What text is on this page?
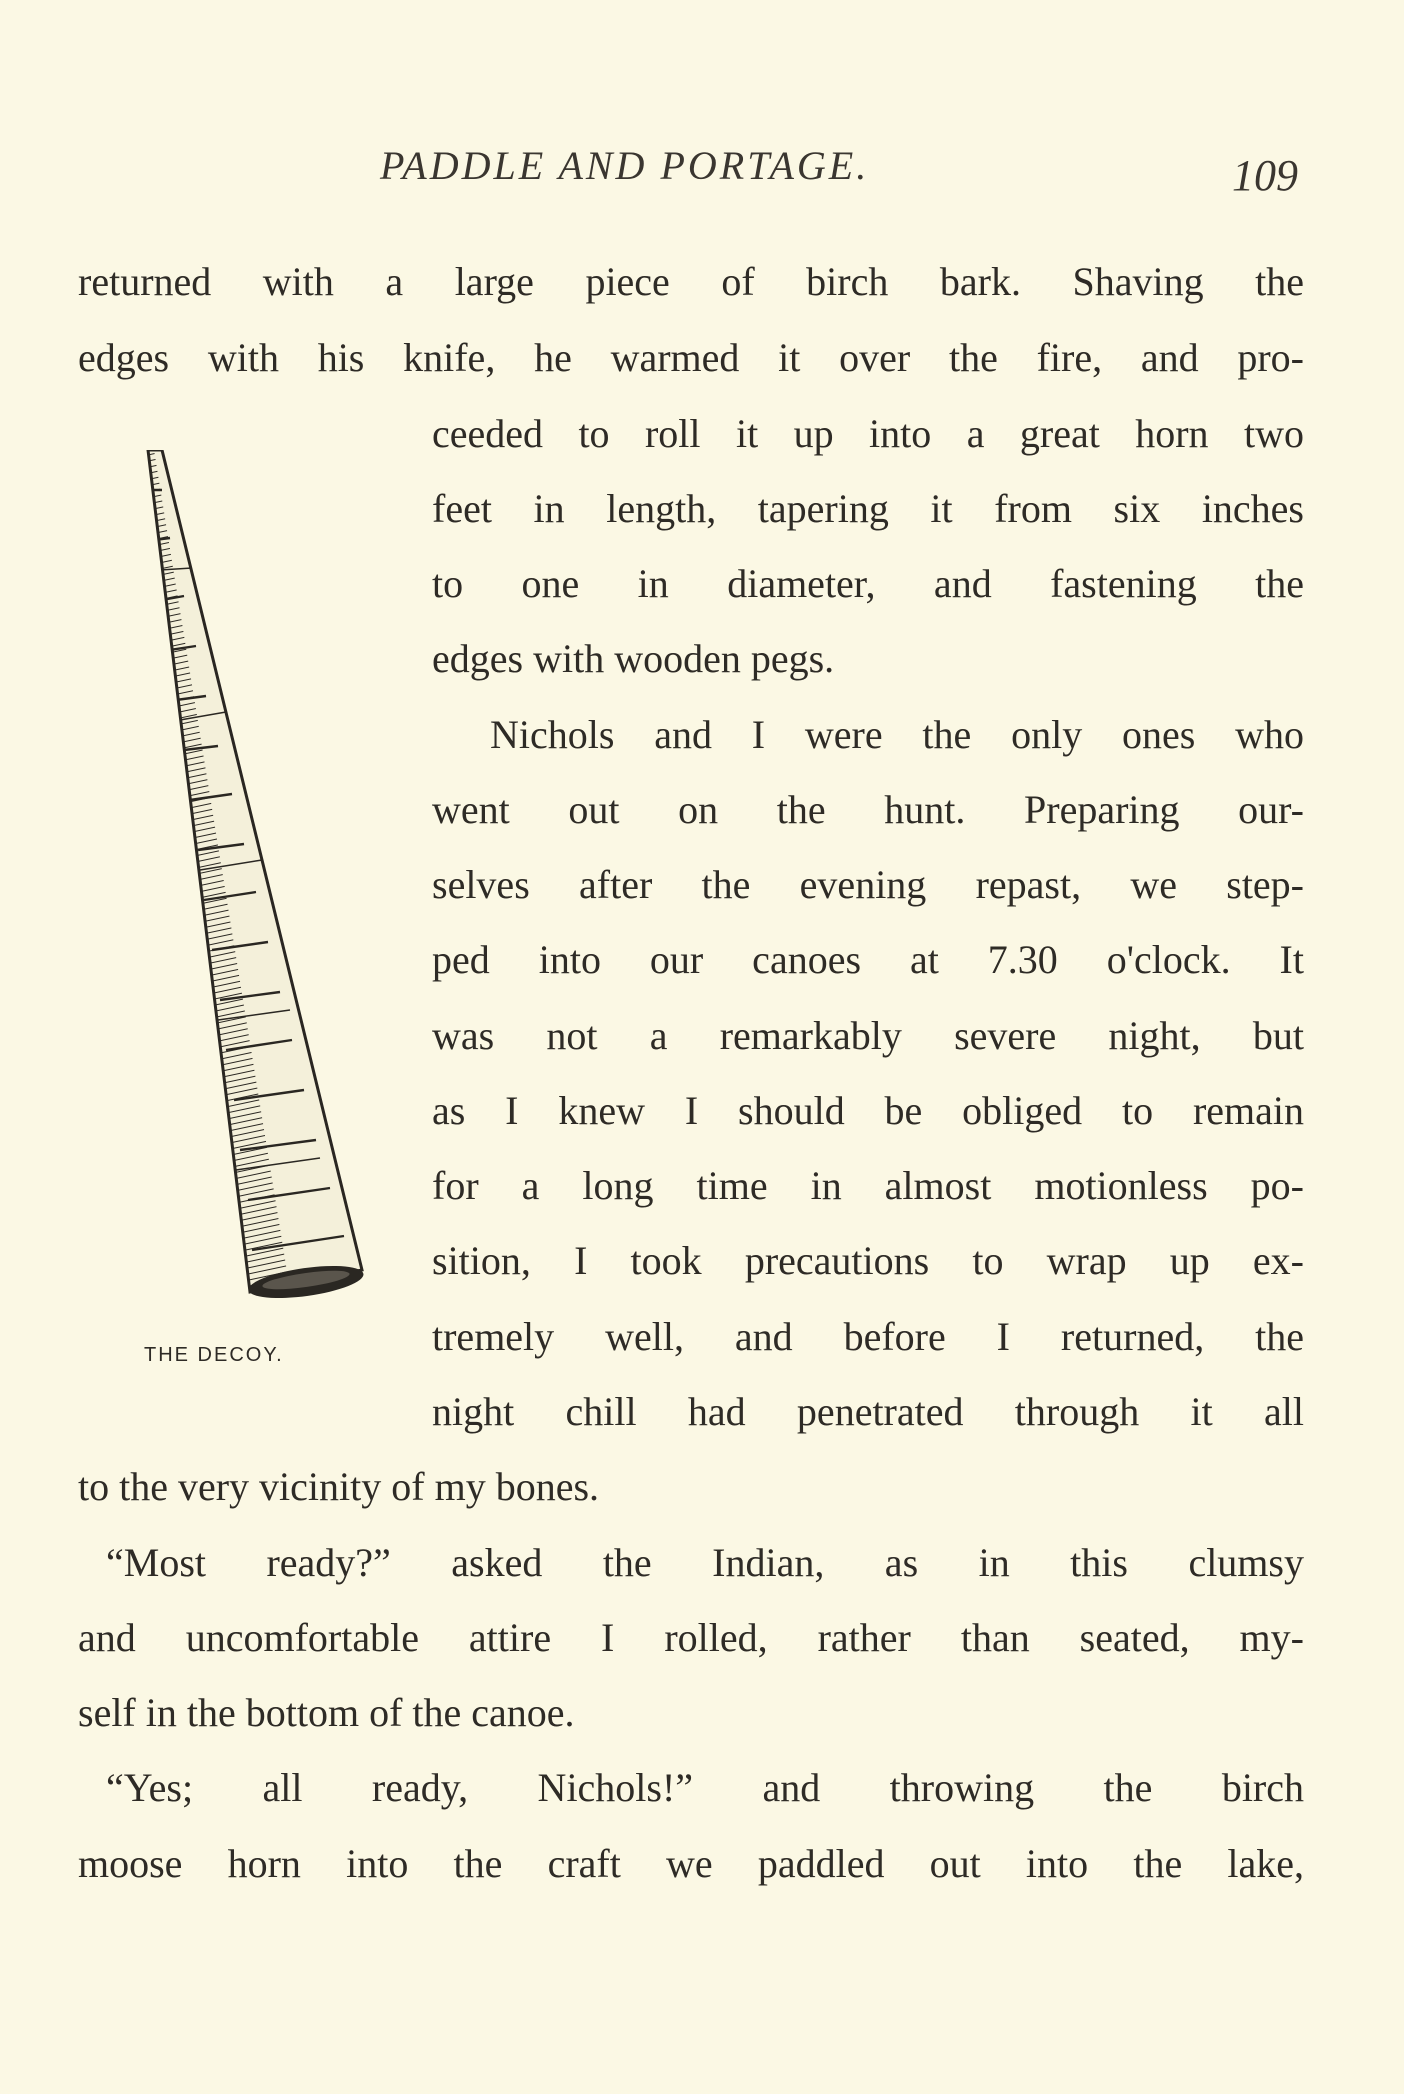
PADDLE AND PORTAGE.	109
THE DECOY.
returned with a large piece of birch bark. Shaving the
edges with his knife, he warmed it over the fire, and pro-
ceeded to roll it up into a great horn two
feet in length, tapering it from six inches
to one in diameter, and fastening the
edges with wooden pegs.
Nichols and I were the only ones who
went out on the hunt. Preparing our-
selves after the evening repast, we step-
ped into our canoes at 7.30 o'clock. It
was not a remarkably severe night, but
as I knew I should be obliged to remain
for a long time in almost motionless po-
sition, I took precautions to wrap up ex-
tremely well, and before I returned, the
night chill had penetrated through it all
to the very vicinity of my bones.
“Most ready?” asked the Indian, as in this clumsy
and uncomfortable attire I rolled, rather than seated, my-
self in the bottom of the canoe.
“Yes; all ready, Nichols!” and throwing the birch
moose horn into the craft we paddled out into the lake,
